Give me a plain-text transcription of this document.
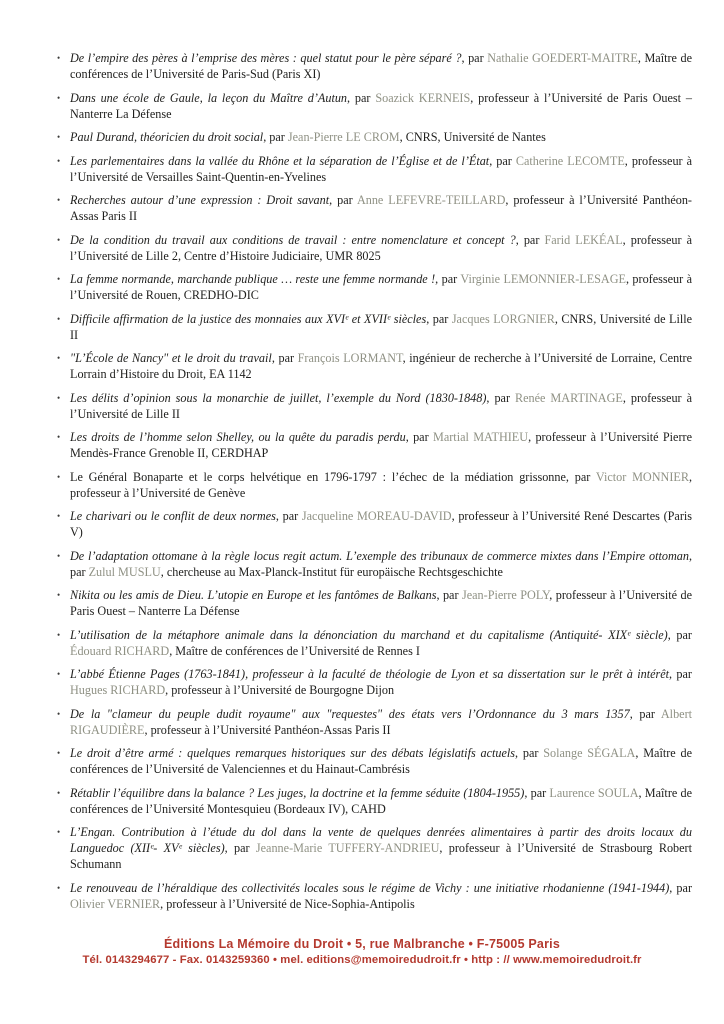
• De l’empire des pères à l’emprise des mères : quel statut pour le père séparé ?, par Nathalie GOEDERT-MAITRE, Maître de conférences de l’Université de Paris-Sud (Paris XI)
• Dans une école de Gaule, la leçon du Maître d’Autun, par Soazick KERNEIS, professeur à l’Université de Paris Ouest – Nanterre La Défense
• Paul Durand, théoricien du droit social, par Jean-Pierre LE CROM, CNRS, Université de Nantes
• Les parlementaires dans la vallée du Rhône et la séparation de l’Église et de l’État, par Catherine LECOMTE, professeur à l’Université de Versailles Saint-Quentin-en-Yvelines
• Recherches autour d’une expression : Droit savant, par Anne LEFEVRE-TEILLARD, professeur à l’Université Panthéon-Assas Paris II
• De la condition du travail aux conditions de travail : entre nomenclature et concept ?, par Farid LEKÉAL, professeur à l’Université de Lille 2, Centre d’Histoire Judiciaire, UMR 8025
• La femme normande, marchande publique … reste une femme normande !, par Virginie LEMONNIER-LESAGE, professeur à l’Université de Rouen, CREDHO-DIC
• Difficile affirmation de la justice des monnaies aux XVIᵉ et XVIIᵉ siècles, par Jacques LORGNIER, CNRS, Université de Lille II
• "L’École de Nancy" et le droit du travail, par François LORMANT, ingénieur de recherche à l’Université de Lorraine, Centre Lorrain d’Histoire du Droit, EA 1142
• Les délits d’opinion sous la monarchie de juillet, l’exemple du Nord (1830-1848), par Renée MARTINAGE, professeur à l’Université de Lille II
• Les droits de l’homme selon Shelley, ou la quête du paradis perdu, par Martial MATHIEU, professeur à l’Université Pierre Mendès-France Grenoble II, CERDHAP
• Le Général Bonaparte et le corps helvétique en 1796-1797 : l’échec de la médiation grissonne, par Victor MONNIER, professeur à l’Université de Genève
• Le charivari ou le conflit de deux normes, par Jacqueline MOREAU-DAVID, professeur à l’Université René Descartes (Paris V)
• De l’adaptation ottomane à la règle locus regit actum. L’exemple des tribunaux de commerce mixtes dans l’Empire ottoman, par Zulul MUSLU, chercheuse au Max-Planck-Institut für europäische Rechtsgeschichte
• Nikita ou les amis de Dieu. L’utopie en Europe et les fantômes de Balkans, par Jean-Pierre POLY, professeur à l’Université de Paris Ouest – Nanterre La Défense
• L’utilisation de la métaphore animale dans la dénonciation du marchand et du capitalisme (Antiquité- XIXᵉ siècle), par Édouard RICHARD, Maître de conférences de l’Université de Rennes I
• L’abbé Étienne Pages (1763-1841), professeur à la faculté de théologie de Lyon et sa dissertation sur le prêt à intérêt, par Hugues RICHARD, professeur à l’Université de Bourgogne Dijon
• De la "clameur du peuple dudit royaume" aux "requestes" des états vers l’Ordonnance du 3 mars 1357, par Albert RIGAUDIÈRE, professeur à l’Université Panthéon-Assas Paris II
• Le droit d’être armé : quelques remarques historiques sur des débats législatifs actuels, par Solange SÉGALA, Maître de conférences de l’Université de Valenciennes et du Hainaut-Cambrésis
• Rétablir l’équilibre dans la balance ? Les juges, la doctrine et la femme séduite (1804-1955), par Laurence SOULA, Maître de conférences de l’Université Montesquieu (Bordeaux IV), CAHD
• L’Engan. Contribution à l’étude du dol dans la vente de quelques denrées alimentaires à partir des droits locaux du Languedoc (XIIᵉ- XVᵉ siècles), par Jeanne-Marie TUFFERY-ANDRIEU, professeur à l’Université de Strasbourg Robert Schumann
• Le renouveau de l’héraldique des collectivités locales sous le régime de Vichy : une initiative rhodanienne (1941-1944), par Olivier VERNIER, professeur à l’Université de Nice-Sophia-Antipolis
Éditions La Mémoire du Droit • 5, rue Malbranche • F-75005 Paris
Tél. 0143294677 - Fax. 0143259360 • mel. editions@memoiredudroit.fr • http : // www.memoiredudroit.fr
